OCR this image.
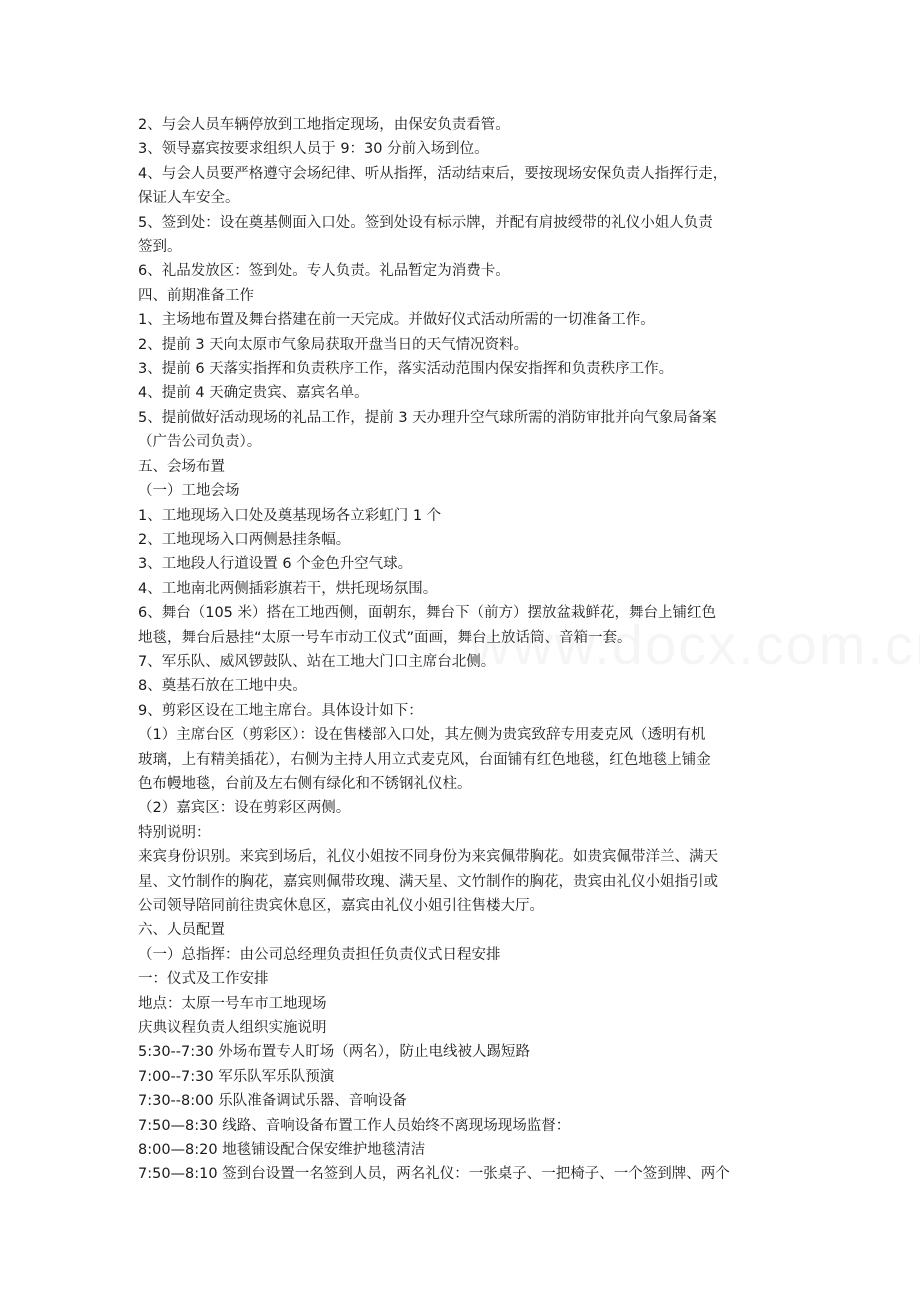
2、与会人员车辆停放到工地指定现场，由保安负责看管。

3、领导嘉宾按要求组织人员于 9：30 分前入场到位。

4、与会人员要严格遵守会场纪律、听从指挥，活动结束后，要按现场安保负责人指挥行走，

保证人车安全。

5、签到处：设在奠基侧面入口处。签到处设有标示牌，并配有肩披绶带的礼仪小姐人负责

签到。

6、礼品发放区：签到处。专人负责。礼品暂定为消费卡。

四、前期准备工作

1、主场地布置及舞台搭建在前一天完成。并做好仪式活动所需的一切准备工作。

2、提前 3 天向太原市气象局获取开盘当日的天气情况资料。

3、提前 6 天落实指挥和负责秩序工作，落实活动范围内保安指挥和负责秩序工作。

4、提前 4 天确定贵宾、嘉宾名单。

5、提前做好活动现场的礼品工作，提前 3 天办理升空气球所需的消防审批并向气象局备案

（广告公司负责）。

五、会场布置

（一）工地会场

1、工地现场入口处及奠基现场各立彩虹门 1 个

2、工地现场入口两侧悬挂条幅。

3、工地段人行道设置 6 个金色升空气球。

4、工地南北两侧插彩旗若干，烘托现场氛围。

6、舞台（105 米）搭在工地西侧，面朝东，舞台下（前方）摆放盆栽鲜花，舞台上铺红色

地毯，舞台后悬挂“太原一号车市动工仪式”面画，舞台上放话筒、音箱一套。

7、军乐队、威风锣鼓队、站在工地大门口主席台北侧。

8、奠基石放在工地中央。

9、剪彩区设在工地主席台。具体设计如下：

（1）主席台区（剪彩区）：设在售楼部入口处，其左侧为贵宾致辞专用麦克风（透明有机

玻璃，上有精美插花），右侧为主持人用立式麦克风，台面铺有红色地毯，红色地毯上铺金

色布幔地毯，台前及左右侧有绿化和不锈钢礼仪柱。

（2）嘉宾区：设在剪彩区两侧。

特别说明：

来宾身份识别。来宾到场后，礼仪小姐按不同身份为来宾佩带胸花。如贵宾佩带洋兰、满天

星、文竹制作的胸花，嘉宾则佩带玫瑰、满天星、文竹制作的胸花，贵宾由礼仪小姐指引或

公司领导陪同前往贵宾休息区，嘉宾由礼仪小姐引往售楼大厅。

六、人员配置

（一）总指挥：由公司总经理负责担任负责仪式日程安排

一：仪式及工作安排

地点：太原一号车市工地现场

庆典议程负责人组织实施说明

5:30--7:30 外场布置专人盯场（两名），防止电线被人踢短路

7:00--7:30 军乐队军乐队预演

7:30--8:00 乐队准备调试乐器、音响设备

7:50—8:30 线路、音响设备布置工作人员始终不离现场现场监督：

8:00—8:20 地毯铺设配合保安维护地毯清洁

7:50—8:10 签到台设置一名签到人员，两名礼仪：一张桌子、一把椅子、一个签到牌、两个
